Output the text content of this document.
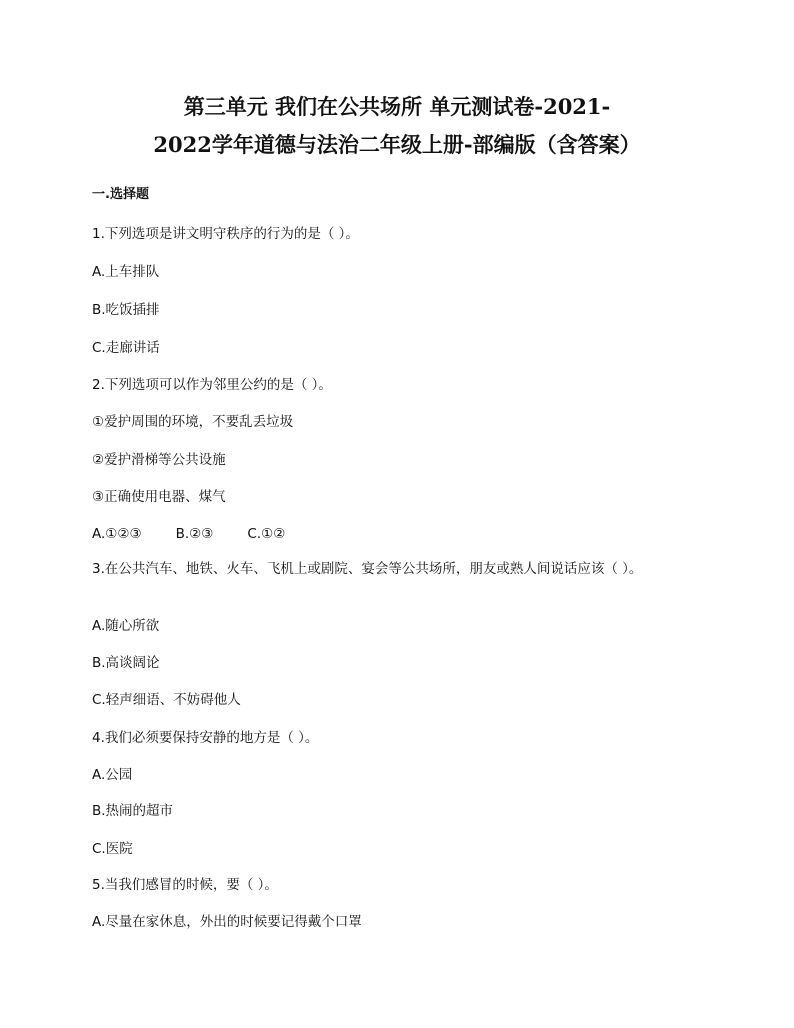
第三单元 我们在公共场所 单元测试卷-2021-
2022学年道德与法治二年级上册-部编版（含答案）
一.选择题
1.下列选项是讲文明守秩序的行为的是（ ）。
A.上车排队
B.吃饭插排
C.走廊讲话
2.下列选项可以作为邻里公约的是（ ）。
①爱护周围的环境，不要乱丢垃圾
②爱护滑梯等公共设施
③正确使用电器、煤气
A.①②③	B.②③	C.①②
3.在公共汽车、地铁、火车、飞机上或剧院、宴会等公共场所，朋友或熟人间说话应该（ ）。
A.随心所欲
B.高谈阔论
C.轻声细语、不妨碍他人
4.我们必须要保持安静的地方是（ ）。
A.公园
B.热闹的超市
C.医院
5.当我们感冒的时候，要（ ）。
A.尽量在家休息，外出的时候要记得戴个口罩
